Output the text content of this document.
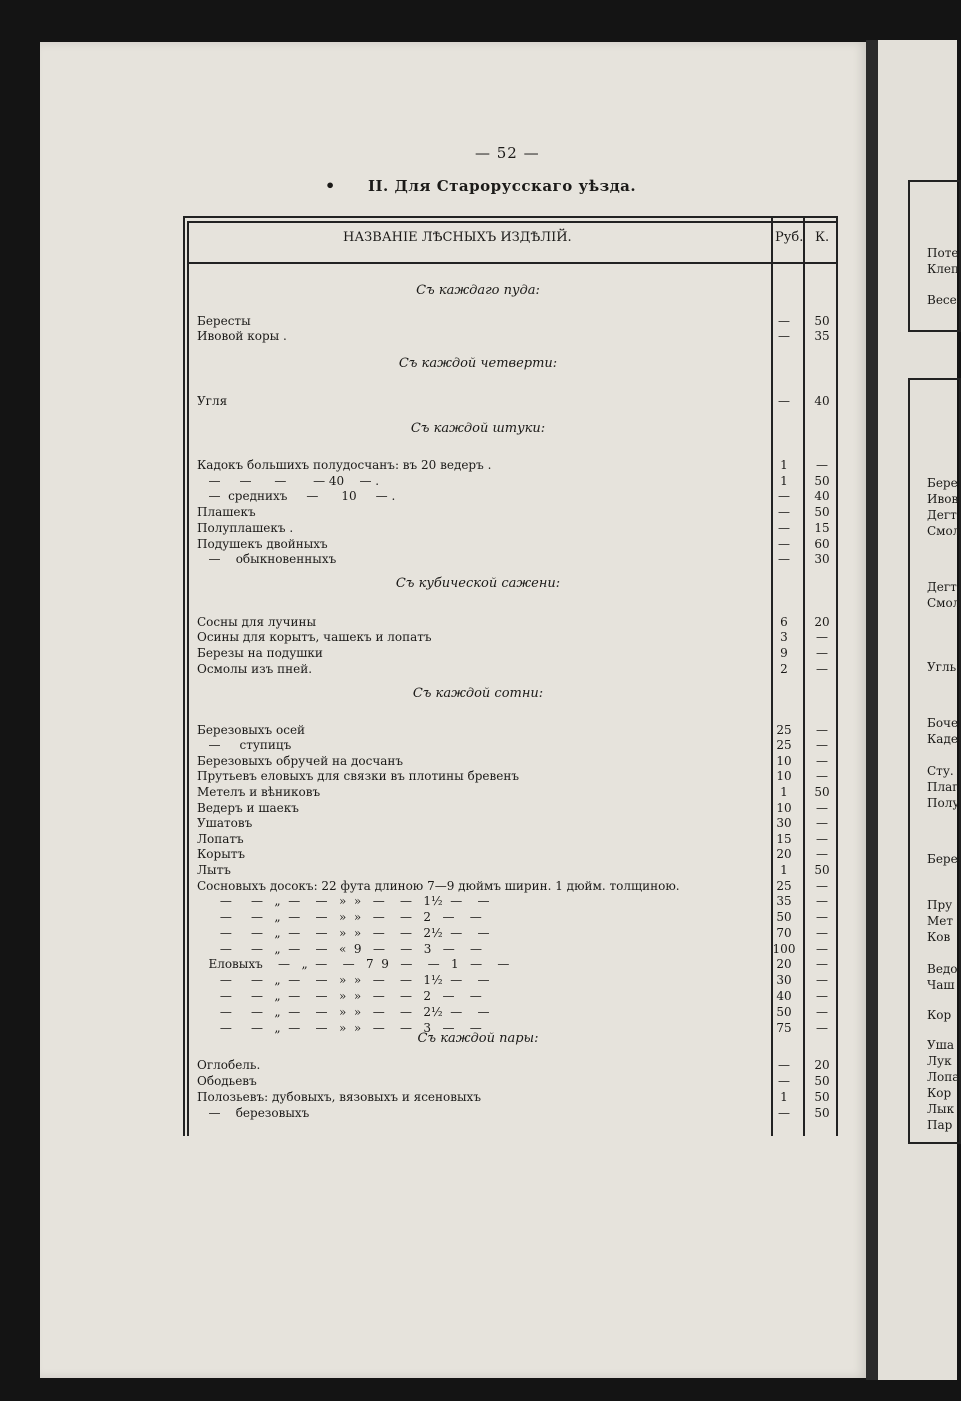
— 52 —
• II. Для Старорусскаго уѣзда.
Поте
Клеп
Весе
Бере
Ивов
Дегт
Смол
Дегт
Смол
Угль
Боче
Каде
Сту.
Плаг
Полу
Бере
Пру
Мет
Ков
Ведо
Чаш
Кор
Уша
Лук
Лопа
Кор
Лык
Пар
НАЗВАНІЕ ЛѢСНЫХЪ ИЗДѢЛІЙ.	Руб. К.
Съ каждаго пуда:
Съ каждой четверти:
Съ каждой штуки:
Съ кубической сажени:
Съ каждой сотни:
Съ каждой пары:
Бересты	—	50
Ивовой коры .	—	35
Угля	—	40
Кадокъ большихъ полудосчанъ: въ 20 ведеръ .	1	—
—     —      —       — 40    — .	1	50
—  среднихъ     —      10     — .	—	40
Плашекъ	—	50
Полуплашекъ .	—	15
Подушекъ двойныхъ	—	60
—    обыкновенныхъ	—	30
Сосны для лучины	6	20
Осины для корытъ, чашекъ и лопатъ	3	—
Березы на подушки	9	—
Осмолы изъ пней.	2	—
Березовыхъ осей	25	—
—     ступицъ	25	—
Березовыхъ обручей на досчанъ	10	—
Прутьевъ еловыхъ для связки въ плотины бревенъ	10	—
Метелъ и вѣниковъ	1	50
Ведеръ и шаекъ	10	—
Ушатовъ	30	—
Лопатъ	15	—
Корытъ	20	—
Лытъ	1	50
Сосновыхъ досокъ: 22 фута длиною 7—9 дюймъ ширин. 1 дюйм. толщиною.	25	—
—     —   „  —    —   »  »   —    —   1½  —    —	35	—
—     —   „  —    —   »  »   —    —   2   —    —	50	—
—     —   „  —    —   »  »   —    —   2½  —    —	70	—
—     —   „  —    —   «  9   —    —   3   —    —	100	—
Еловыхъ    —   „  —    —   7  9   —    —   1   —    —	20	—
—     —   „  —    —   »  »   —    —   1½  —    —	30	—
—     —   „  —    —   »  »   —    —   2   —    —	40	—
—     —   „  —    —   »  »   —    —   2½  —    —	50	—
—     —   „  —    —   »  »   —    —   3   —    —	75	—
Оглобель.	—	20
Ободьевъ	—	50
Полозьевъ: дубовыхъ, вязовыхъ и ясеновыхъ	1	50
—    березовыхъ	—	50
